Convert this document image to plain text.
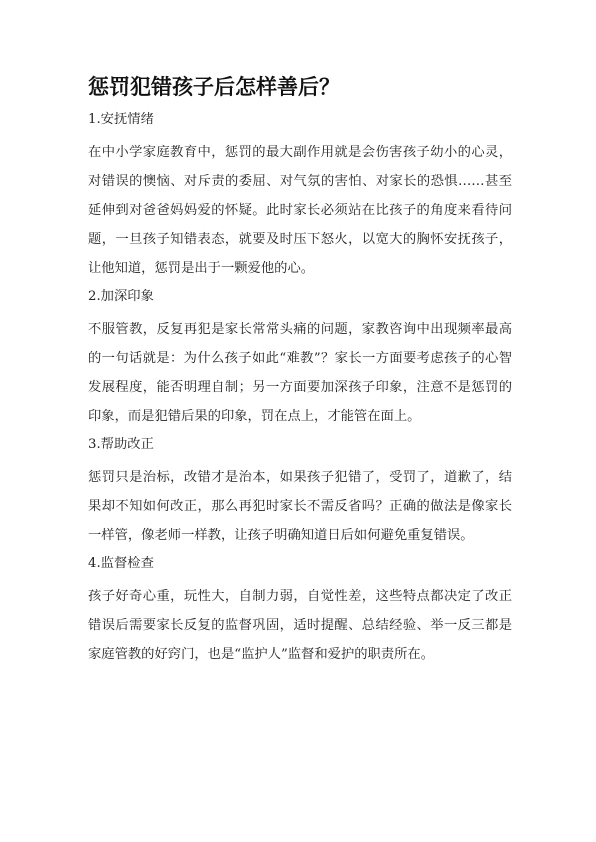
惩罚犯错孩子后怎样善后？
1.安抚情绪

在中小学家庭教育中，惩罚的最大副作用就是会伤害孩子幼小的心灵，对错误的懊恼、对斥责的委屈、对气氛的害怕、对家长的恐惧……甚至延伸到对爸爸妈妈爱的怀疑。此时家长必须站在比孩子的角度来看待问题，一旦孩子知错表态，就要及时压下怒火，以宽大的胸怀安抚孩子，让他知道，惩罚是出于一颗爱他的心。

2.加深印象

不服管教，反复再犯是家长常常头痛的问题，家教咨询中出现频率最高的一句话就是：为什么孩子如此“难教”？家长一方面要考虑孩子的心智发展程度，能否明理自制；另一方面要加深孩子印象，注意不是惩罚的印象，而是犯错后果的印象，罚在点上，才能管在面上。

3.帮助改正

惩罚只是治标，改错才是治本，如果孩子犯错了，受罚了，道歉了，结果却不知如何改正，那么再犯时家长不需反省吗？正确的做法是像家长一样管，像老师一样教，让孩子明确知道日后如何避免重复错误。

4.监督检查

孩子好奇心重，玩性大，自制力弱，自觉性差，这些特点都决定了改正错误后需要家长反复的监督巩固，适时提醒、总结经验、举一反三都是家庭管教的好窍门，也是“监护人”监督和爱护的职责所在。
